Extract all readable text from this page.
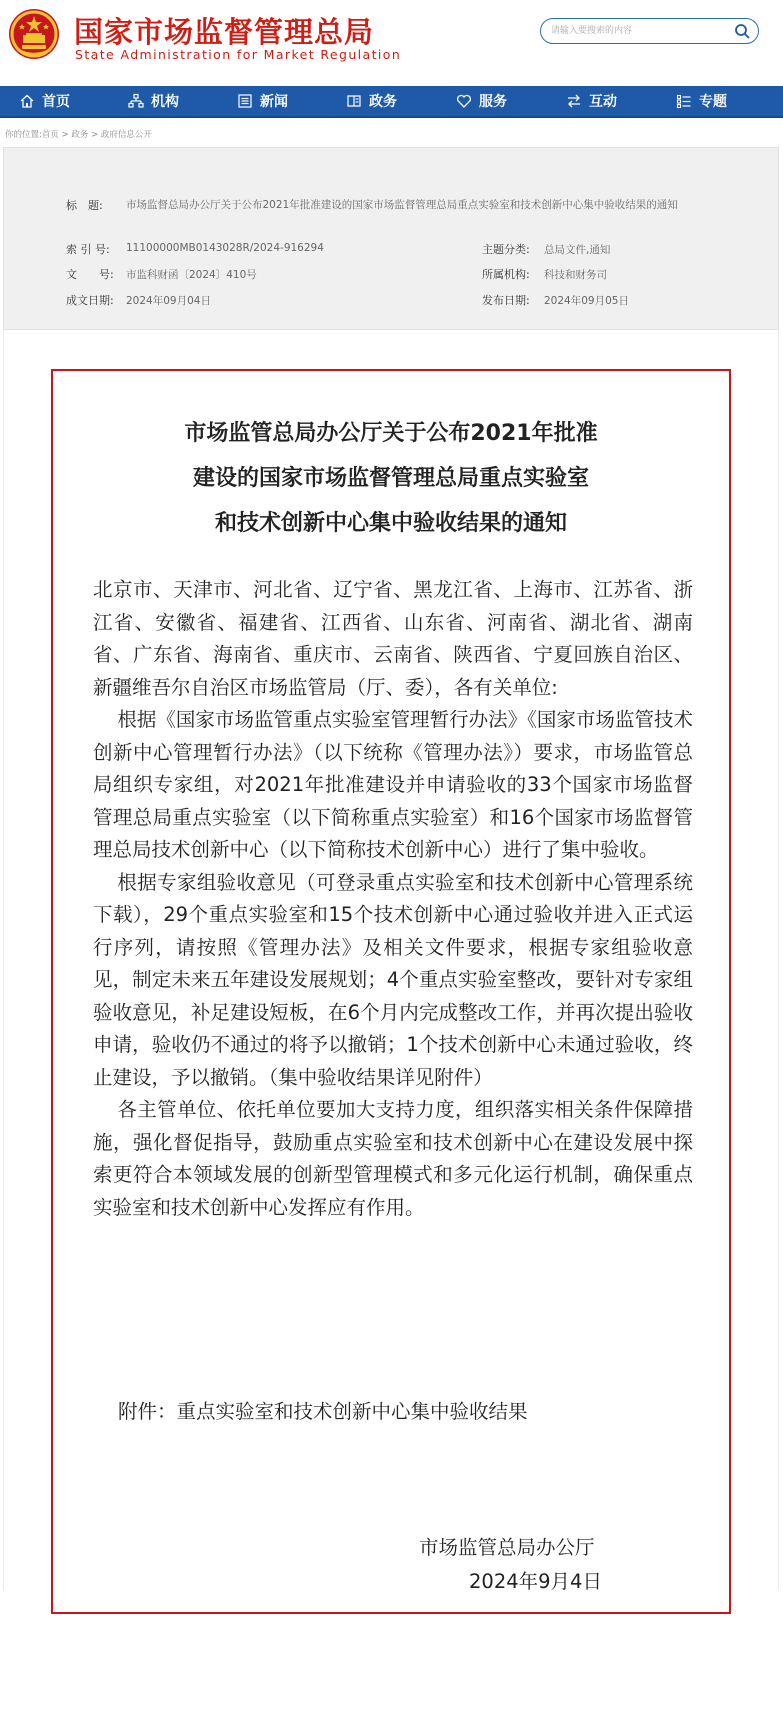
国家市场监督管理总局
State Administration for Market Regulation
请输入要搜索的内容
首页	机构	新闻	政务	服务	互动	专题
你的位置:首页 > 政务 > 政府信息公开
标　题: 市场监督总局办公厅关于公布2021年批准建设的国家市场监督管理总局重点实验室和技术创新中心集中验收结果的通知
索 引 号: 11100000MB0143028R/2024-916294	主题分类: 总局文件,通知
文　　号: 市监科财函〔2024〕410号	所属机构: 科技和财务司
成文日期: 2024年09月04日	发布日期: 2024年09月05日
市场监管总局办公厅关于公布2021年批准
建设的国家市场监督管理总局重点实验室
和技术创新中心集中验收结果的通知

北京市、天津市、河北省、辽宁省、黑龙江省、上海市、江苏省、浙江省、安徽省、福建省、江西省、山东省、河南省、湖北省、湖南省、广东省、海南省、重庆市、云南省、陕西省、宁夏回族自治区、新疆维吾尔自治区市场监管局（厅、委），各有关单位:

根据《国家市场监管重点实验室管理暂行办法》《国家市场监管技术创新中心管理暂行办法》（以下统称《管理办法》）要求，市场监管总局组织专家组，对2021年批准建设并申请验收的33个国家市场监督管理总局重点实验室（以下简称重点实验室）和16个国家市场监督管理总局技术创新中心（以下简称技术创新中心）进行了集中验收。

根据专家组验收意见（可登录重点实验室和技术创新中心管理系统下载），29个重点实验室和15个技术创新中心通过验收并进入正式运行序列，请按照《管理办法》及相关文件要求，根据专家组验收意见，制定未来五年建设发展规划；4个重点实验室整改，要针对专家组验收意见，补足建设短板，在6个月内完成整改工作，并再次提出验收申请，验收仍不通过的将予以撤销；1个技术创新中心未通过验收，终止建设，予以撤销。（集中验收结果详见附件）

各主管单位、依托单位要加大支持力度，组织落实相关条件保障措施，强化督促指导，鼓励重点实验室和技术创新中心在建设发展中探索更符合本领域发展的创新型管理模式和多元化运行机制，确保重点实验室和技术创新中心发挥应有作用。

附件：重点实验室和技术创新中心集中验收结果
市场监管总局办公厅
2024年9月4日
